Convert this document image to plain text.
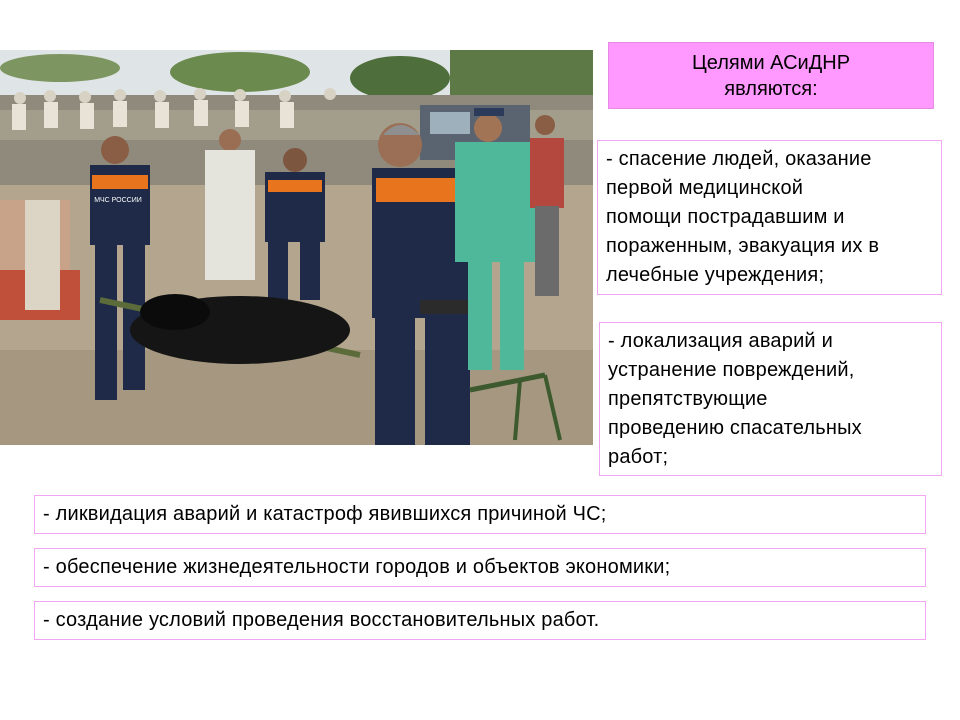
МЧС РОССИИ
Целями АСиДНР
являются:
- спасение людей, оказание
первой медицинской
помощи пострадавшим и
пораженным, эвакуация их в
лечебные учреждения;
- локализация аварий и
устранение повреждений,
препятствующие
проведению спасательных
работ;
- ликвидация аварий и катастроф явившихся причиной ЧС;
- обеспечение жизнедеятельности городов и объектов экономики;
- создание условий проведения восстановительных работ.
